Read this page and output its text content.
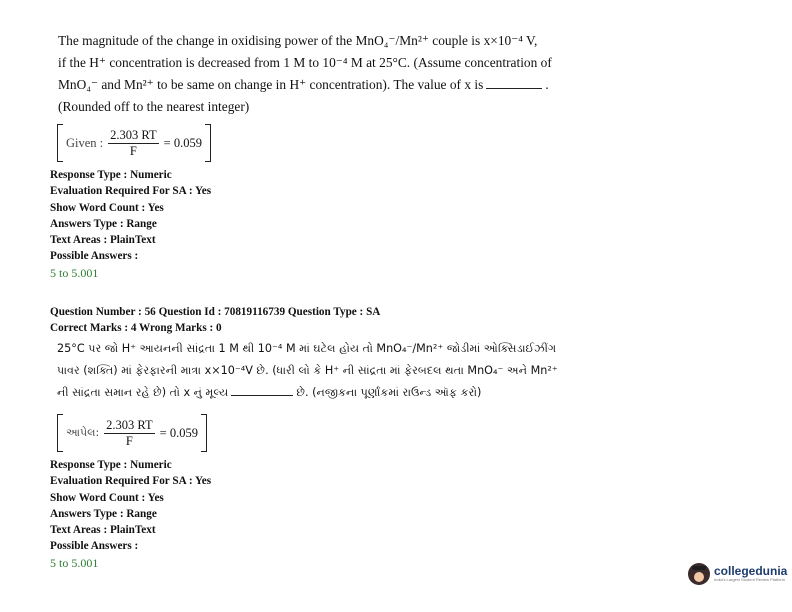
The magnitude of the change in oxidising power of the MnO₄⁻/Mn²⁺ couple is x×10⁻⁴ V,
if the H⁺ concentration is decreased from 1 M to 10⁻⁴ M at 25°C. (Assume concentration of
MnO₄⁻ and Mn²⁺ to be same on change in H⁺ concentration). The value of x is	.
(Rounded off to the nearest integer)
Given : $\frac{2.303 RT}{F} = 0.059$
Response Type : Numeric
Evaluation Required For SA : Yes
Show Word Count : Yes
Answers Type : Range
Text Areas : PlainText
Possible Answers :
5 to 5.001
Question Number : 56 Question Id : 70819116739 Question Type : SA
Correct Marks : 4 Wrong Marks : 0
25°C પર જો H⁺ આયનની સાંદ્રતા 1 M થી 10⁻⁴ M માં ઘટેલ હોય તો MnO₄⁻/Mn²⁺ જોડીમાં ઓક્સિડાઈઝીંગ
પાવર (શક્તિ) માં ફેરફારની માત્રા x×10⁻⁴V છે. (ધારી લો કે H⁺ ની સાંદ્રતા માં ફેરબદલ થતા MnO₄⁻ અને Mn²⁺
ની સાંદ્રતા સમાન રહે છે) તો x નું મૂલ્ય	છે. (નજીકના પૂર્ણાંકમાં રાઉન્ડ ઑફ કરો)
આપેલ: $\frac{2.303 RT}{F} = 0.059$
Response Type : Numeric
Evaluation Required For SA : Yes
Show Word Count : Yes
Answers Type : Range
Text Areas : PlainText
Possible Answers :
5 to 5.001
collegedunia
India's Largest Student Review Platform
